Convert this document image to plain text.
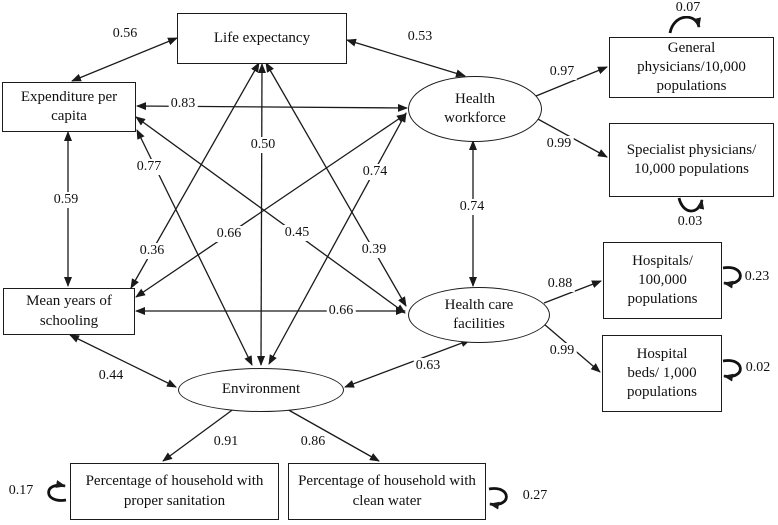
Life expectancy
Expenditure per capita
Mean years of schooling
General physicians/10,000 populations
Specialist physicians/ 10,000 populations
Hospitals/ 100,000 populations
Hospital beds/ 1,000 populations
Percentage of household with proper sanitation
Percentage of household with clean water
Health workforce
Health care facilities
Environment
0.56	0.53
0.83
0.50
0.77	0.74
0.74
0.36
0.66	0.45
0.39
0.59
0.66
0.44
0.63
0.97
0.99
0.88
0.99
0.91	0.86
0.07
0.03
0.23
0.02
0.17	0.27
